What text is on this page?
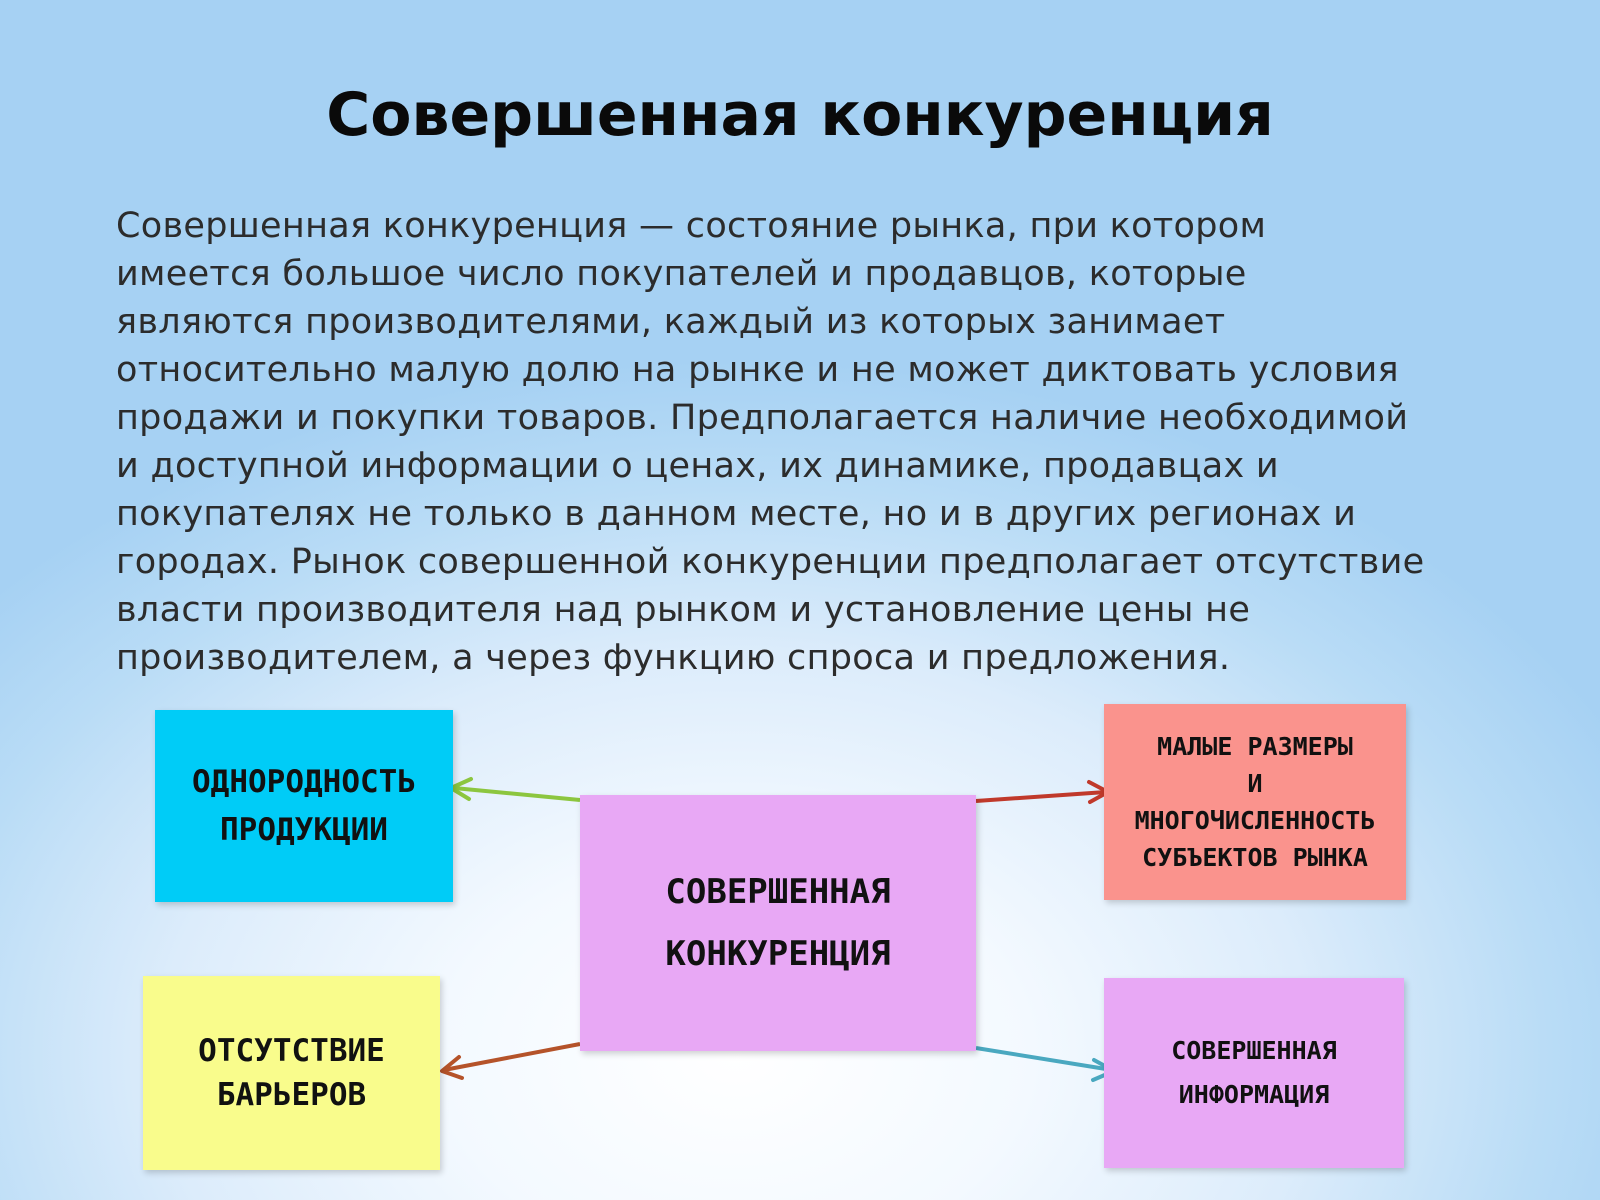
Совершенная конкуренция
Совершенная конкуренция — состояние рынка, при котором
имеется большое число покупателей и продавцов, которые
являются производителями, каждый из которых занимает
относительно малую долю на рынке и не может диктовать условия
продажи и покупки товаров. Предполагается наличие необходимой
и доступной информации о ценах, их динамике, продавцах и
покупателях не только в данном месте, но и в других регионах и
городах. Рынок совершенной конкуренции предполагает отсутствие
власти производителя над рынком и установление цены не
производителем, а через функцию спроса и предложения.
СОВЕРШЕННАЯ
КОНКУРЕНЦИЯ
ОДНОРОДНОСТЬ
ПРОДУКЦИИ
МАЛЫЕ РАЗМЕРЫ
И
МНОГОЧИСЛЕННОСТЬ
СУБЪЕКТОВ РЫНКА
ОТСУТСТВИЕ
БАРЬЕРОВ
СОВЕРШЕННАЯ
ИНФОРМАЦИЯ
